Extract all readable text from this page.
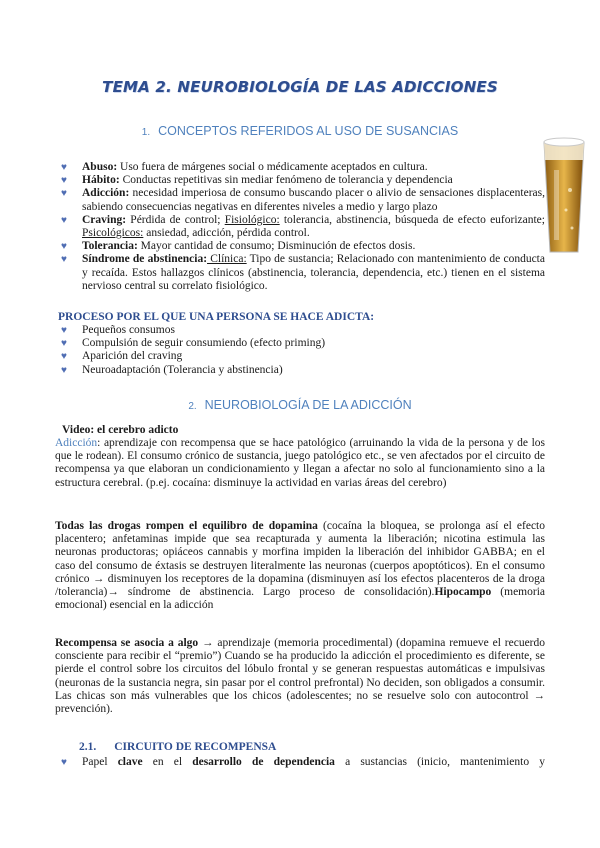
TEMA 2. NEUROBIOLOGÍA DE LAS ADICCIONES
1. CONCEPTOS REFERIDOS AL USO DE SUSANCIAS
♥ Abuso: Uso fuera de márgenes social o médicamente aceptados en cultura.
♥ Hábito: Conductas repetitivas sin mediar fenómeno de tolerancia y dependencia
♥ Adicción: necesidad imperiosa de consumo buscando placer o alivio de sensaciones displacenteras, sabiendo consecuencias negativas en diferentes niveles a medio y largo plazo
♥ Craving: Pérdida de control; Fisiológico: tolerancia, abstinencia, búsqueda de efecto euforizante; Psicológicos: ansiedad, adicción, pérdida control.
♥ Tolerancia: Mayor cantidad de consumo; Disminución de efectos dosis.
♥ Síndrome de abstinencia: Clínica: Tipo de sustancia; Relacionado con mantenimiento de conducta y recaída. Estos hallazgos clínicos (abstinencia, tolerancia, dependencia, etc.) tienen en el sistema nervioso central su correlato fisiológico.
PROCESO POR EL QUE UNA PERSONA SE HACE ADICTA:
♥ Pequeños consumos
♥ Compulsión de seguir consumiendo (efecto priming)
♥ Aparición del craving
♥ Neuroadaptación (Tolerancia y abstinencia)
2. NEUROBIOLOGÍA DE LA ADICCIÓN
Video: el cerebro adicto
Adicción: aprendizaje con recompensa que se hace patológico (arruinando la vida de la persona y de los que le rodean). El consumo crónico de sustancia, juego patológico etc., se ven afectados por el circuito de recompensa ya que elaboran un condicionamiento y llegan a afectar no solo al funcionamiento sino a la estructura cerebral. (p.ej. cocaína: disminuye la actividad en varias áreas del cerebro)
Todas las drogas rompen el equilibro de dopamina (cocaína la bloquea, se prolonga así el efecto placentero; anfetaminas impide que sea recapturada y aumenta la liberación; nicotina estimula las neuronas productoras; opiáceos cannabis y morfina impiden la liberación del inhibidor GABBA; en el caso del consumo de éxtasis se destruyen literalmente las neuronas (cuerpos apoptóticos). En el consumo crónico → disminuyen los receptores de la dopamina (disminuyen así los efectos placenteros de la droga /tolerancia)→ síndrome de abstinencia. Largo proceso de consolidación).Hipocampo (memoria emocional) esencial en la adicción
Recompensa se asocia a algo → aprendizaje (memoria procedimental) (dopamina remueve el recuerdo consciente para recibir el “premio”) Cuando se ha producido la adicción el procedimiento es diferente, se pierde el control sobre los circuitos del lóbulo frontal y se generan respuestas automáticas e impulsivas (neuronas de la sustancia negra, sin pasar por el control prefrontal) No deciden, son obligados a consumir. Las chicas son más vulnerables que los chicos (adolescentes; no se resuelve solo con autocontrol → prevención).
2.1. CIRCUITO DE RECOMPENSA
♥ Papel clave en el desarrollo de dependencia a sustancias (inicio, mantenimiento y
